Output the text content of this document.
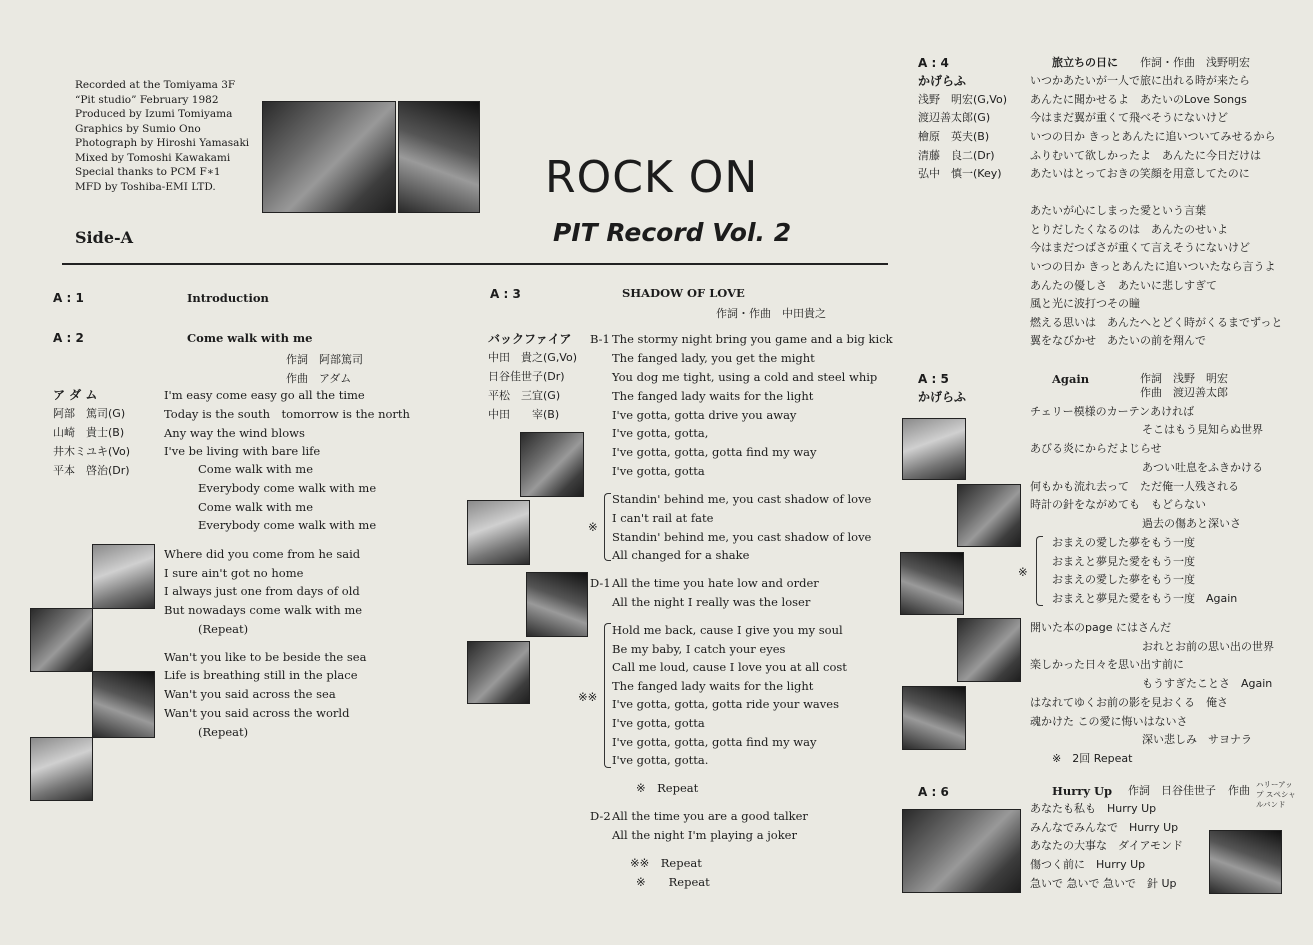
Recorded at the Tomiyama 3F
“Pit studio” February 1982
Produced by Izumi Tomiyama
Graphics by Sumio Ono
Photograph by Hiroshi Yamasaki
Mixed by Tomoshi Kawakami
Special thanks to PCM F∗1
MFD by Toshiba-EMI LTD.	ROCK ON
PIT Record Vol. 2
Side-A
A : 1	Introduction
A : 2	Come walk with me
作詞　阿部篤司
作曲　アダム
ア ダ ム
阿部　篤司(G)
山崎　貴士(B)
井木ミユキ(Vo)
平本　啓治(Dr)
I'm easy come easy go all the time
Today is the south　tomorrow is the north
Any way the wind blows
I've be living with bare life
Come walk with me
Everybody come walk with me
Come walk with me
Everybody come walk with me
Where did you come from he said
I sure ain't got no home
I always just one from days of old
But nowadays come walk with me
(Repeat)
Wan't you like to be beside the sea
Life is breathing still in the place
Wan't you said across the sea
Wan't you said across the world
(Repeat)
A : 3	SHADOW OF LOVE
作詞・作曲　中田貴之
バックファイア
中田　貴之(G,Vo)
日谷佳世子(Dr)
平松　三宜(G)
中田　　宰(B)
B-1 The stormy night bring you game and a big kick
The fanged lady, you get the might
You dog me tight, using a cold and steel whip
The fanged lady waits for the light
I've gotta, gotta drive you away
I've gotta, gotta,
I've gotta, gotta, gotta find my way
I've gotta, gotta
※
Standin' behind me, you cast shadow of love
I can't rail at fate
Standin' behind me, you cast shadow of love
All changed for a shake
D-1 All the time you hate low and order
All the night I really was the loser
※※
Hold me back, cause I give you my soul
Be my baby, I catch your eyes
Call me loud, cause I love you at all cost
The fanged lady waits for the light
I've gotta, gotta, gotta ride your waves
I've gotta, gotta
I've gotta, gotta, gotta find my way
I've gotta, gotta.
※　Repeat
D-2 All the time you are a good talker
All the night I'm playing a joker
※※　Repeat
※　　Repeat
A : 4	旅立ちの日に 作詞・作曲　浅野明宏
かげらふ
浅野　明宏(G,Vo)
渡辺善太郎(G)
檜原　英夫(B)
清藤　良二(Dr)
弘中　慎一(Key)
いつかあたいが一人で旅に出れる時が来たら
あんたに聞かせるよ　あたいのLove Songs
今はまだ翼が重くて飛べそうにないけど
いつの日か きっとあんたに追いついてみせるから
ふりむいて欲しかったよ　あんたに今日だけは
あたいはとっておきの笑顔を用意してたのに
あたいが心にしまった愛という言葉
とりだしたくなるのは　あんたのせいよ
今はまだつばさが重くて言えそうにないけど
いつの日か きっとあんたに追いついたなら言うよ
あんたの優しさ　あたいに悲しすぎて
風と光に波打つその瞳
燃える思いは　あんたへとどく時がくるまでずっと
翼をなびかせ　あたいの前を翔んで
A : 5	Again	作詞　浅野　明宏
作曲　渡辺善太郎
かげらふ
チェリー模様のカーテンあければ
そこはもう見知らぬ世界
あびる炎にからだよじらせ
あつい吐息をふきかける
何もかも流れ去って　ただ俺一人残される
時計の針をながめても　もどらない
過去の傷あと深いさ
※
おまえの愛した夢をもう一度
おまえと夢見た愛をもう一度
おまえの愛した夢をもう一度
おまえと夢見た愛をもう一度　Again
開いた本のpage にはさんだ
おれとお前の思い出の世界
楽しかった日々を思い出す前に
もうすぎたことさ　Again
はなれてゆくお前の影を見おくる　俺さ
魂かけた この愛に悔いはないさ
深い悲しみ　サヨナラ
※　2回 Repeat
A : 6	Hurry Up 作詞　日谷佳世子 作曲 ハリーアップ スペシャルバンド
あなたも私も　Hurry Up
みんなでみんなで　Hurry Up
あなたの大事な　ダイアモンド
傷つく前に　Hurry Up
急いで 急いで 急いで　針 Up
